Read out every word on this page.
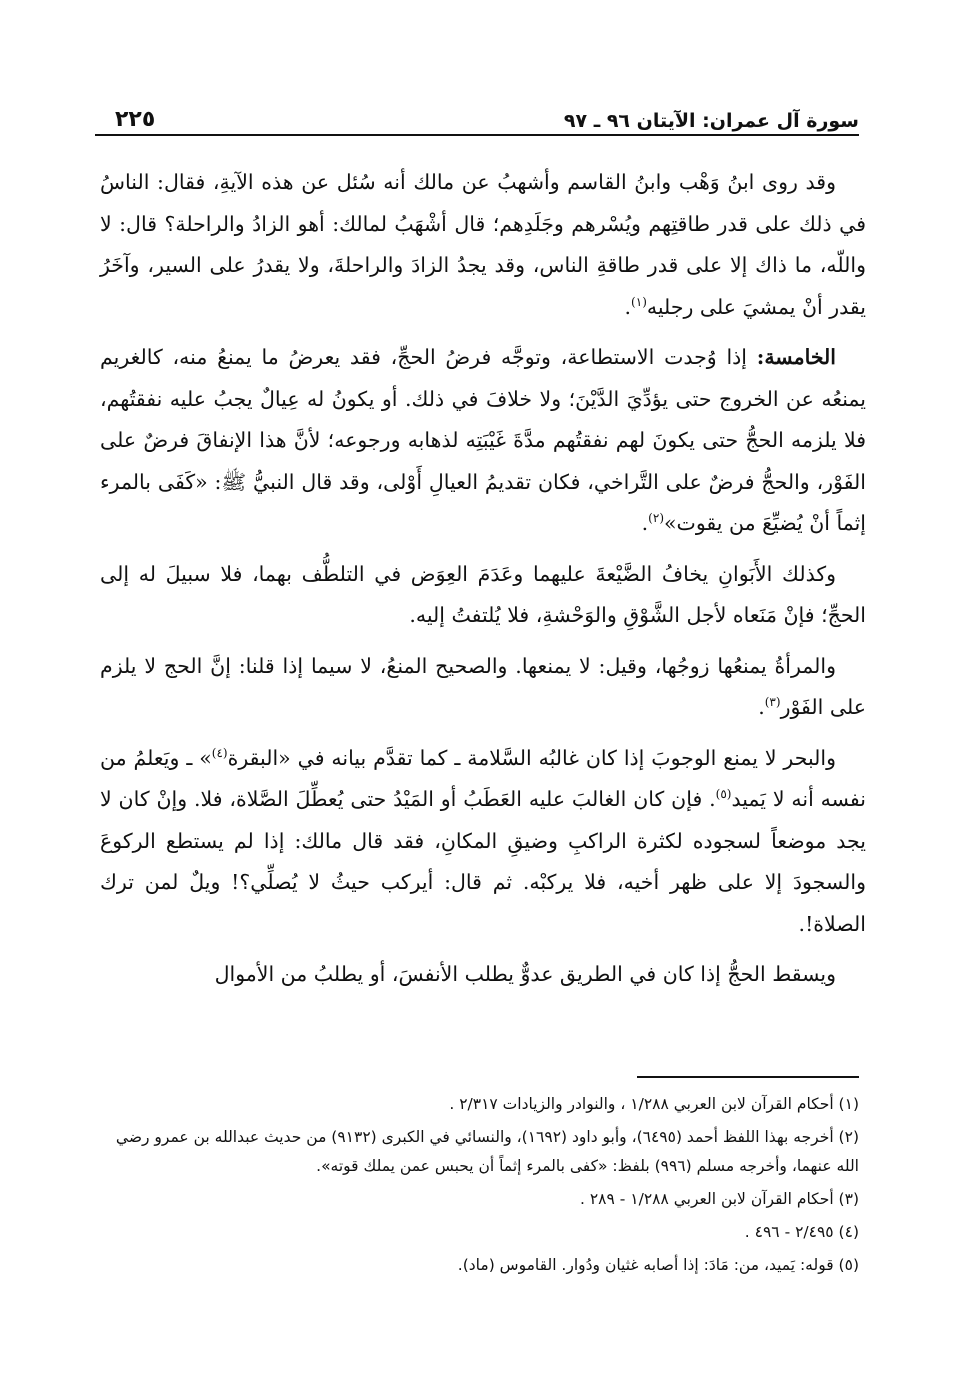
سورة آل عمران: الآيتان ٩٦ ـ ٩٧
٢٢٥

وقد روى ابنُ وَهْب وابنُ القاسم وأشهبُ عن مالك أنه سُئل عن هذه الآيةِ، فقال: الناسُ في ذلك على قدر طاقتِهم ويُسْرهم وجَلَدِهم؛ قال أشْهَبُ لمالك: أهو الزادُ والراحلة؟ قال: لا واللّه، ما ذاك إلا على قدر طاقةِ الناس، وقد يجدُ الزادَ والراحلةَ، ولا يقدرُ على السير، وآخَرُ يقدر أنْ يمشيَ على رجليه$^{(١)}$.

الخامسة: إذا وُجدت الاستطاعة، وتوجَّه فرضُ الحجِّ، فقد يعرضُ ما يمنعُ منه، كالغريم يمنعُه عن الخروج حتى يؤدِّيَ الدَّيْنَ؛ ولا خلافَ في ذلك. أو يكونُ له عِيالٌ يجبُ عليه نفقتُهم، فلا يلزمه الحجُّ حتى يكونَ لهم نفقتُهم مدَّةَ غَيْبَتِه لذهابه ورجوعه؛ لأنَّ هذا الإنفاقَ فرضٌ على الفَوْر، والحجُّ فرضٌ على التَّراخي، فكان تقديمُ العيالِ أَوْلى، وقد قال النبيُّ ﷺ: «كَفَى بالمرء إثماً أنْ يُضيِّعَ من يقوت»$^{(٢)}$.

وكذلك الأَبَوانِ يخافُ الضَّيْعةَ عليهما وعَدَمَ العِوَض في التلطُّف بهما، فلا سبيلَ له إلى الحجِّ؛ فإنْ مَنَعاه لأجل الشَّوْقِ والوَحْشةِ، فلا يُلتفتُ إليه.

والمرأةُ يمنعُها زوجُها، وقيل: لا يمنعها. والصحيح المنعُ، لا سيما إذا قلنا: إنَّ الحج لا يلزم على الفَوْر$^{(٣)}$.

والبحر لا يمنع الوجوبَ إذا كان غالبُه السَّلامة ـ كما تقدَّم بيانه في «البقرة$^{(٤)}$» ـ ويَعلمُ من نفسه أنه لا يَميد$^{(٥)}$. فإن كان الغالبَ عليه العَطَبُ أو المَيْدُ حتى يُعطِّلَ الصَّلاة، فلا. وإنْ كان لا يجد موضعاً لسجوده لكثرة الراكبِ وضيقِ المكانِ، فقد قال مالك: إذا لم يستطع الركوعَ والسجودَ إلا على ظهر أخيه، فلا يركبْه. ثم قال: أيركب حيثُ لا يُصلِّي؟! ويلٌ لمن ترك الصلاة!.

ويسقط الحجُّ إذا كان في الطريق عدوٌّ يطلب الأنفسَ، أو يطلبُ من الأموال

(١) أحكام القرآن لابن العربي ١/٢٨٨ ، والنوادر والزيادات ٢/٣١٧ .
(٢) أخرجه بهذا اللفظ أحمد (٦٤٩٥)، وأبو داود (١٦٩٢)، والنسائي في الكبرى (٩١٣٢) من حديث عبدالله بن عمرو رضي الله عنهما، وأخرجه مسلم (٩٩٦) بلفظ: «كفى بالمرء إثماً أن يحبس عمن يملك قوته».
(٣) أحكام القرآن لابن العربي ١/٢٨٨ - ٢٨٩ .
(٤) ٢/٤٩٥ - ٤٩٦ .
(٥) قوله: يَميد، من: مَادَ: إذا أصابه غثيان ودُوار. القاموس (ماد).
